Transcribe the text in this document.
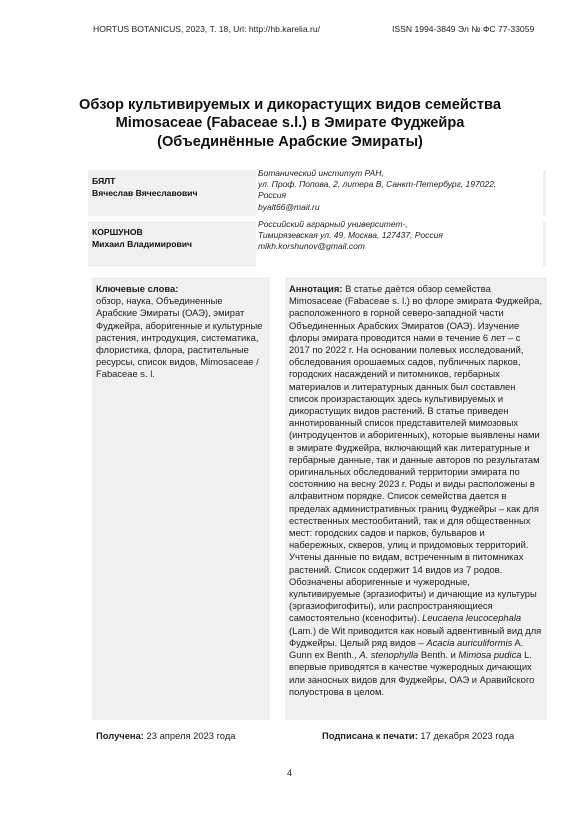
HORTUS BOTANICUS, 2023, Т. 18, Url: http://hb.karelia.ru/	ISSN 1994-3849 Эл № ФС 77-33059
Обзор культивируемых и дикорастущих видов семейства
Mimosaceae (Fabaceae s.l.) в Эмирате Фуджейра
(Объединённые Арабские Эмираты)
БЯЛТ
Вячеслав Вячеславович
Ботанический институт РАН,
ул. Проф. Попова, 2, литера В, Санкт-Петербург, 197022,
Россия
byalt66@mail.ru
КОРШУНОВ
Михаил Владимирович
Российский аграрный университет-,
Тимирязевская ул. 49, Москва, 127437, Россия
mikh.korshunov@gmail.com
Ключевые слова:
обзор, наука, Объединенные Арабские Эмираты (ОАЭ), эмират Фуджейра, аборигенные и культурные растения, интродукция, систематика, флористика, флора, растительные ресурсы, список видов, Mimosaceae / Fabaceae s. l.
Аннотация: В статье даётся обзор семейства Mimosaceae (Fabaceae s. l.) во флоре эмирата Фуджейра, расположенного в горной северо-западной части Объединенных Арабских Эмиратов (ОАЭ). Изучение флоры эмирата проводится нами в течение 6 лет – с 2017 по 2022 г. На основании полевых исследований, обследования орошаемых садов, публичных парков, городских насаждений и питомников, гербарных материалов и литературных данных был составлен список произрастающих здесь культивируемых и дикорастущих видов растений. В статье приведен аннотированный список представителей мимозовых (интродуцентов и аборигенных), которые выявлены нами в эмирате Фуджейра, включающий как литературные и гербарные данные, так и данные авторов по результатам оригинальных обследований территории эмирата по состоянию на весну 2023 г. Роды и виды расположены в алфавитном порядке. Список семейства дается в пределах административных границ Фуджейры – как для естественных местообитаний, так и для общественных мест: городских садов и парков, бульваров и набережных, скверов, улиц и придомовых территорий. Учтены данные по видам, встреченным в питомниках растений. Список содержит 14 видов из 7 родов. Обозначены аборигенные и чужеродные, культивируемые (эргазиофиты) и дичающие из культуры (эргазиофигофиты), или распространяющиеся самостоятельно (ксенофиты). Leucaena leucocephala (Lam.) de Wit приводится как новый адвентивный вид для Фуджейры. Целый ряд видов – Acacia auriculiformis A. Gunn ex Benth., A. stenophylla Benth. и Mimosa pudica L. впервые приводятся в качестве чужеродных дичающих или заносных видов для Фуджейры, ОАЭ и Аравийского полуострова в целом.
Получена: 23 апреля 2023 года	Подписана к печати: 17 декабря 2023 года
4
